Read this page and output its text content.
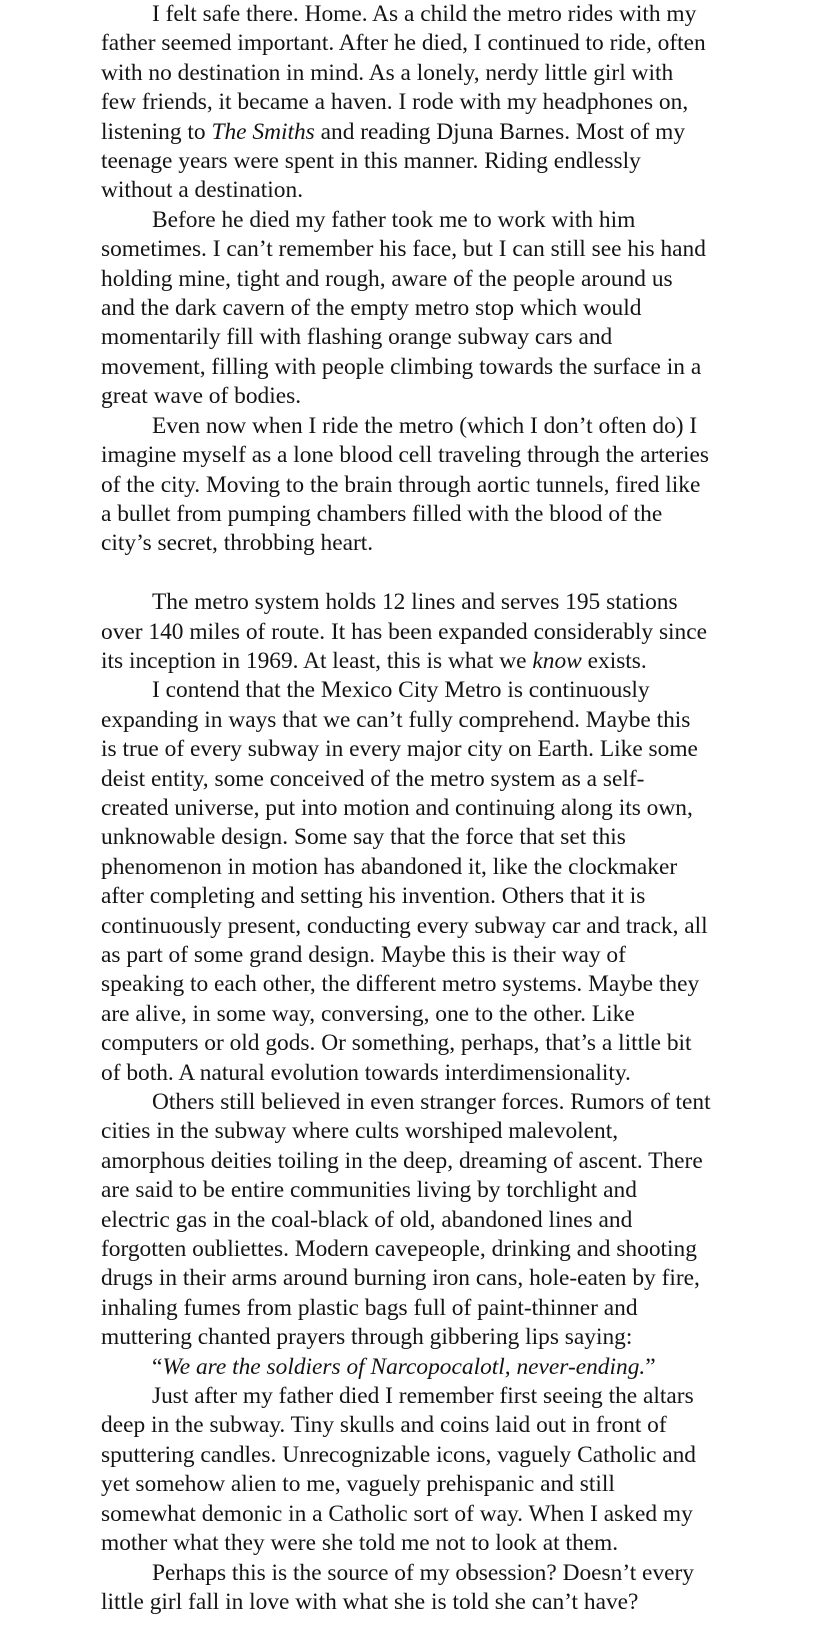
I felt safe there. Home. As a child the metro rides with my
father seemed important. After he died, I continued to ride, often
with no destination in mind. As a lonely, nerdy little girl with
few friends, it became a haven. I rode with my headphones on,
listening to The Smiths and reading Djuna Barnes. Most of my
teenage years were spent in this manner. Riding endlessly
without a destination.

Before he died my father took me to work with him
sometimes. I can’t remember his face, but I can still see his hand
holding mine, tight and rough, aware of the people around us
and the dark cavern of the empty metro stop which would
momentarily fill with flashing orange subway cars and
movement, filling with people climbing towards the surface in a
great wave of bodies.

Even now when I ride the metro (which I don’t often do) I
imagine myself as a lone blood cell traveling through the arteries
of the city. Moving to the brain through aortic tunnels, fired like
a bullet from pumping chambers filled with the blood of the
city’s secret, throbbing heart.

The metro system holds 12 lines and serves 195 stations
over 140 miles of route. It has been expanded considerably since
its inception in 1969. At least, this is what we know exists.

I contend that the Mexico City Metro is continuously
expanding in ways that we can’t fully comprehend. Maybe this
is true of every subway in every major city on Earth. Like some
deist entity, some conceived of the metro system as a self-
created universe, put into motion and continuing along its own,
unknowable design. Some say that the force that set this
phenomenon in motion has abandoned it, like the clockmaker
after completing and setting his invention. Others that it is
continuously present, conducting every subway car and track, all
as part of some grand design. Maybe this is their way of
speaking to each other, the different metro systems. Maybe they
are alive, in some way, conversing, one to the other. Like
computers or old gods. Or something, perhaps, that’s a little bit
of both. A natural evolution towards interdimensionality.

Others still believed in even stranger forces. Rumors of tent
cities in the subway where cults worshiped malevolent,
amorphous deities toiling in the deep, dreaming of ascent. There
are said to be entire communities living by torchlight and
electric gas in the coal-black of old, abandoned lines and
forgotten oubliettes. Modern cavepeople, drinking and shooting
drugs in their arms around burning iron cans, hole-eaten by fire,
inhaling fumes from plastic bags full of paint-thinner and
muttering chanted prayers through gibbering lips saying:

“We are the soldiers of Narcopocalotl, never-ending.”

Just after my father died I remember first seeing the altars
deep in the subway. Tiny skulls and coins laid out in front of
sputtering candles. Unrecognizable icons, vaguely Catholic and
yet somehow alien to me, vaguely prehispanic and still
somewhat demonic in a Catholic sort of way. When I asked my
mother what they were she told me not to look at them.

Perhaps this is the source of my obsession? Doesn’t every
little girl fall in love with what she is told she can’t have?
